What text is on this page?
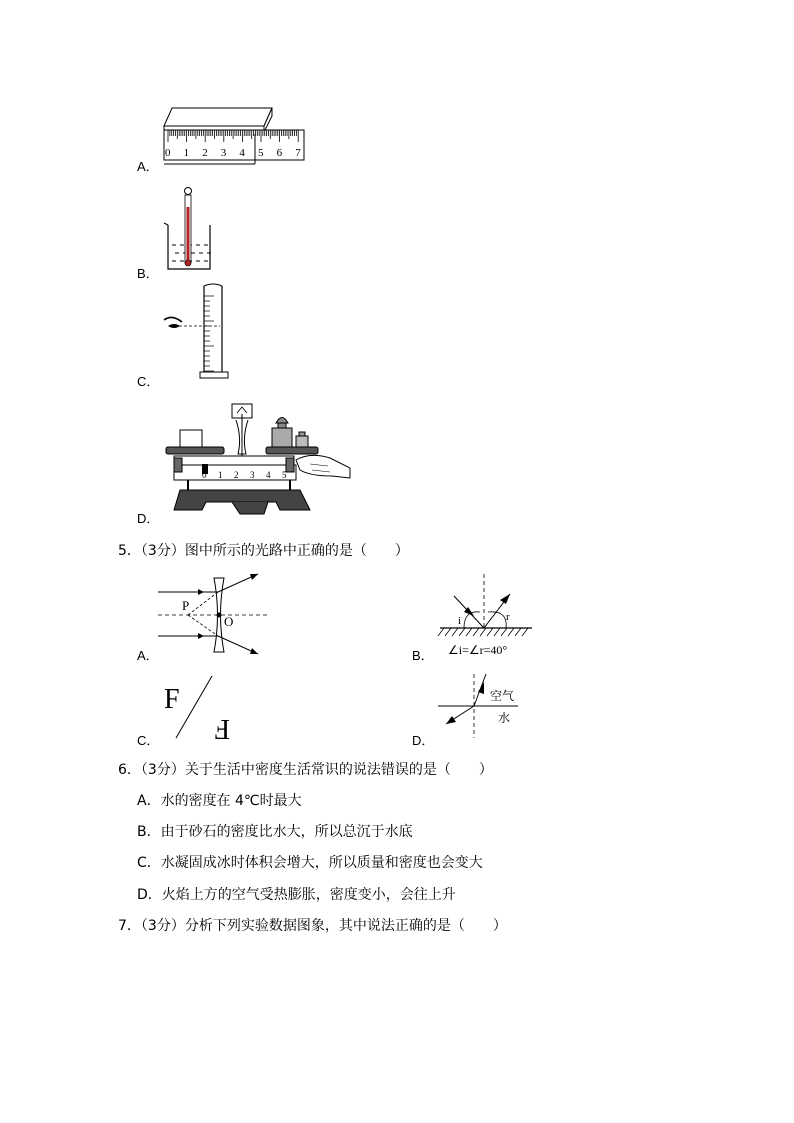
A．
0 1 2 3 4 5 6 7
B．
C．

D．
0 1 2 3 4 5
5．（3分）图中所示的光路中正确的是（　　）
A．
P
O
B．
i	r
∠i=∠r=40°
C．
F
F	D．
空气
水
6．（3分）关于生活中密度生活常识的说法错误的是（　　）
A．水的密度在 4℃时最大
B．由于砂石的密度比水大，所以总沉于水底
C．水凝固成冰时体积会增大，所以质量和密度也会变大
D．火焰上方的空气受热膨胀，密度变小，会往上升
7．（3分）分析下列实验数据图象，其中说法正确的是（　　）
